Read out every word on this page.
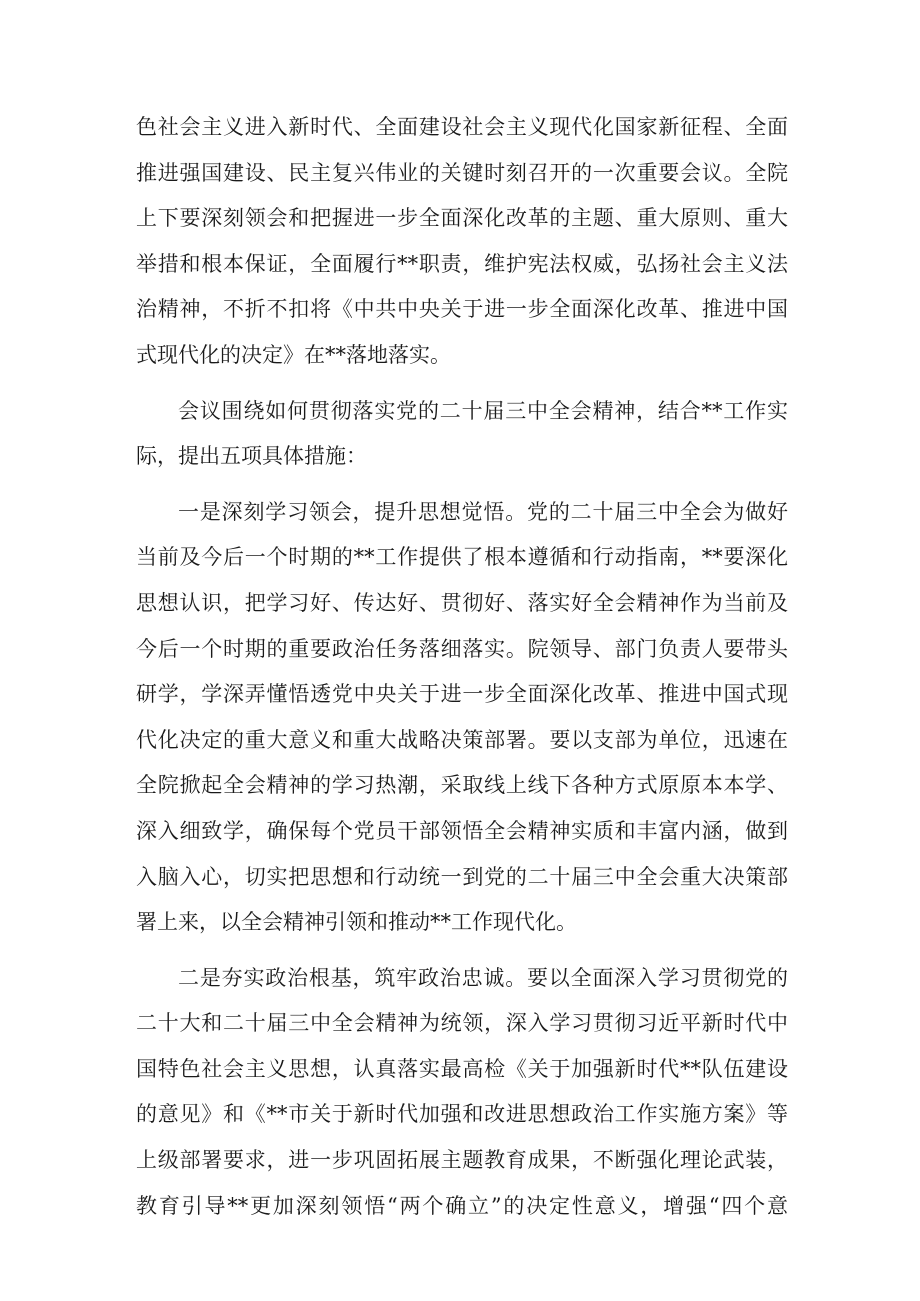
色社会主义进入新时代、全面建设社会主义现代化国家新征程、全面
推进强国建设、民主复兴伟业的关键时刻召开的一次重要会议。全院
上下要深刻领会和把握进一步全面深化改革的主题、重大原则、重大
举措和根本保证，全面履行**职责，维护宪法权威，弘扬社会主义法
治精神，不折不扣将《中共中央关于进一步全面深化改革、推进中国
式现代化的决定》在**落地落实。
会议围绕如何贯彻落实党的二十届三中全会精神，结合**工作实
际，提出五项具体措施：
一是深刻学习领会，提升思想觉悟。党的二十届三中全会为做好
当前及今后一个时期的**工作提供了根本遵循和行动指南，**要深化
思想认识，把学习好、传达好、贯彻好、落实好全会精神作为当前及
今后一个时期的重要政治任务落细落实。院领导、部门负责人要带头
研学，学深弄懂悟透党中央关于进一步全面深化改革、推进中国式现
代化决定的重大意义和重大战略决策部署。要以支部为单位，迅速在
全院掀起全会精神的学习热潮，采取线上线下各种方式原原本本学、
深入细致学，确保每个党员干部领悟全会精神实质和丰富内涵，做到
入脑入心，切实把思想和行动统一到党的二十届三中全会重大决策部
署上来，以全会精神引领和推动**工作现代化。
二是夯实政治根基，筑牢政治忠诚。要以全面深入学习贯彻党的
二十大和二十届三中全会精神为统领，深入学习贯彻习近平新时代中
国特色社会主义思想，认真落实最高检《关于加强新时代**队伍建设
的意见》和《**市关于新时代加强和改进思想政治工作实施方案》等
上级部署要求，进一步巩固拓展主题教育成果，不断强化理论武装，
教育引导**更加深刻领悟“两个确立”的决定性意义，增强“四个意
